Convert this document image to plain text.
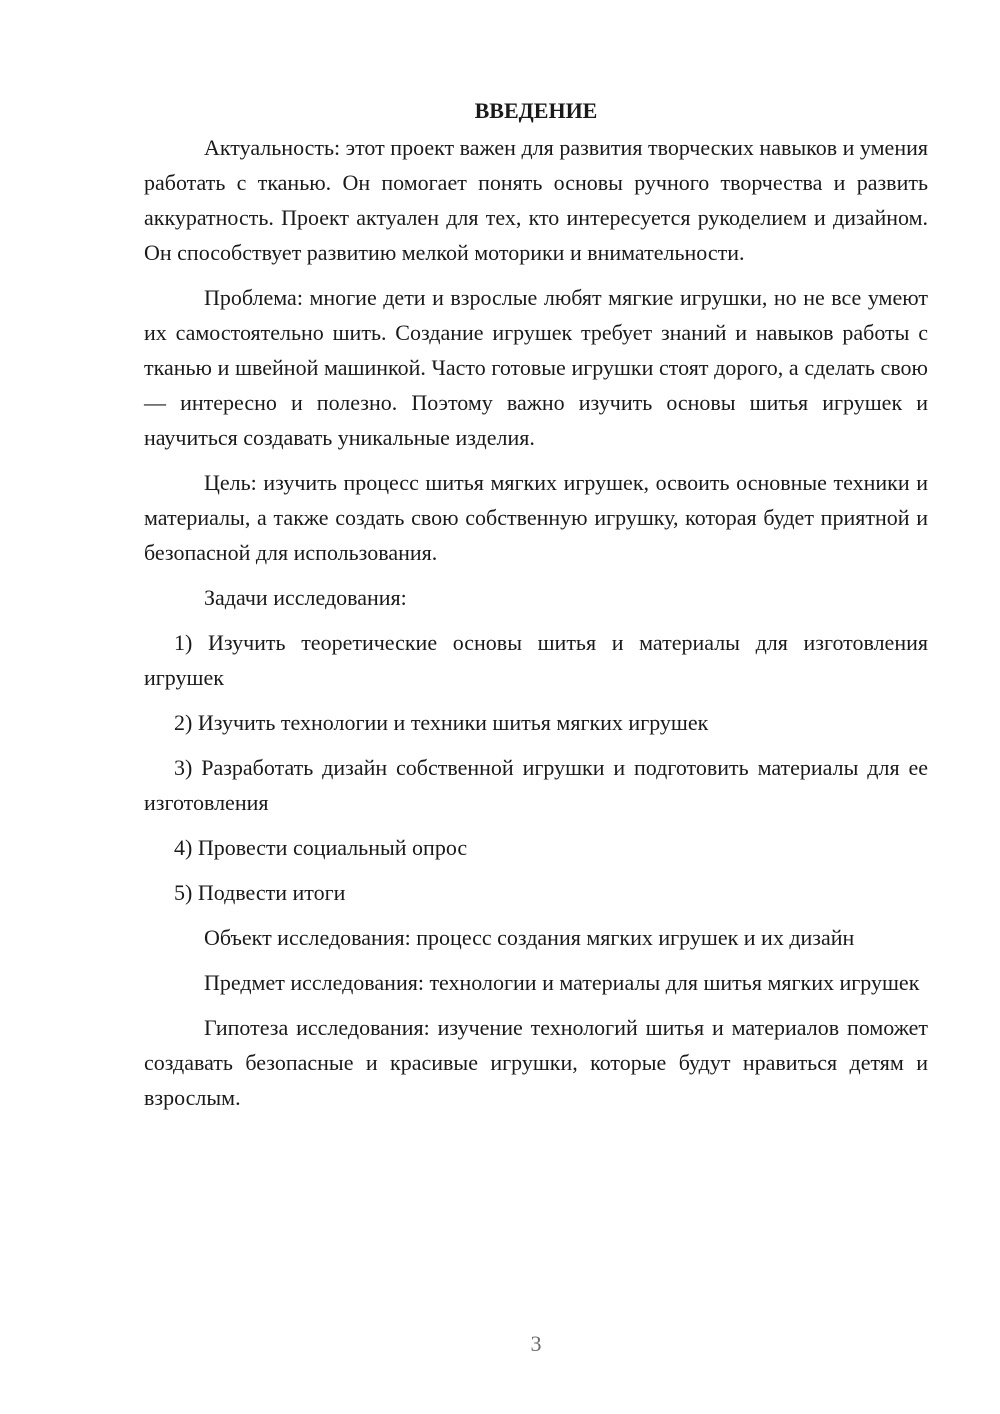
ВВЕДЕНИЕ

Актуальность: этот проект важен для развития творческих навыков и умения работать с тканью. Он помогает понять основы ручного творчества и развить аккуратность. Проект актуален для тех, кто интересуется рукоделием и дизайном. Он способствует развитию мелкой моторики и внимательности.

Проблема: многие дети и взрослые любят мягкие игрушки, но не все умеют их самостоятельно шить. Создание игрушек требует знаний и навыков работы с тканью и швейной машинкой. Часто готовые игрушки стоят дорого, а сделать свою — интересно и полезно. Поэтому важно изучить основы шитья игрушек и научиться создавать уникальные изделия.

Цель: изучить процесс шитья мягких игрушек, освоить основные техники и материалы, а также создать свою собственную игрушку, которая будет приятной и безопасной для использования.

Задачи исследования:

1) Изучить теоретические основы шитья и материалы для изготовления игрушек

2) Изучить технологии и техники шитья мягких игрушек

3) Разработать дизайн собственной игрушки и подготовить материалы для ее изготовления

4) Провести социальный опрос

5) Подвести итоги

Объект исследования: процесс создания мягких игрушек и их дизайн

Предмет исследования: технологии и материалы для шитья мягких игрушек

Гипотеза исследования: изучение технологий шитья и материалов поможет создавать безопасные и красивые игрушки, которые будут нравиться детям и взрослым.

3
